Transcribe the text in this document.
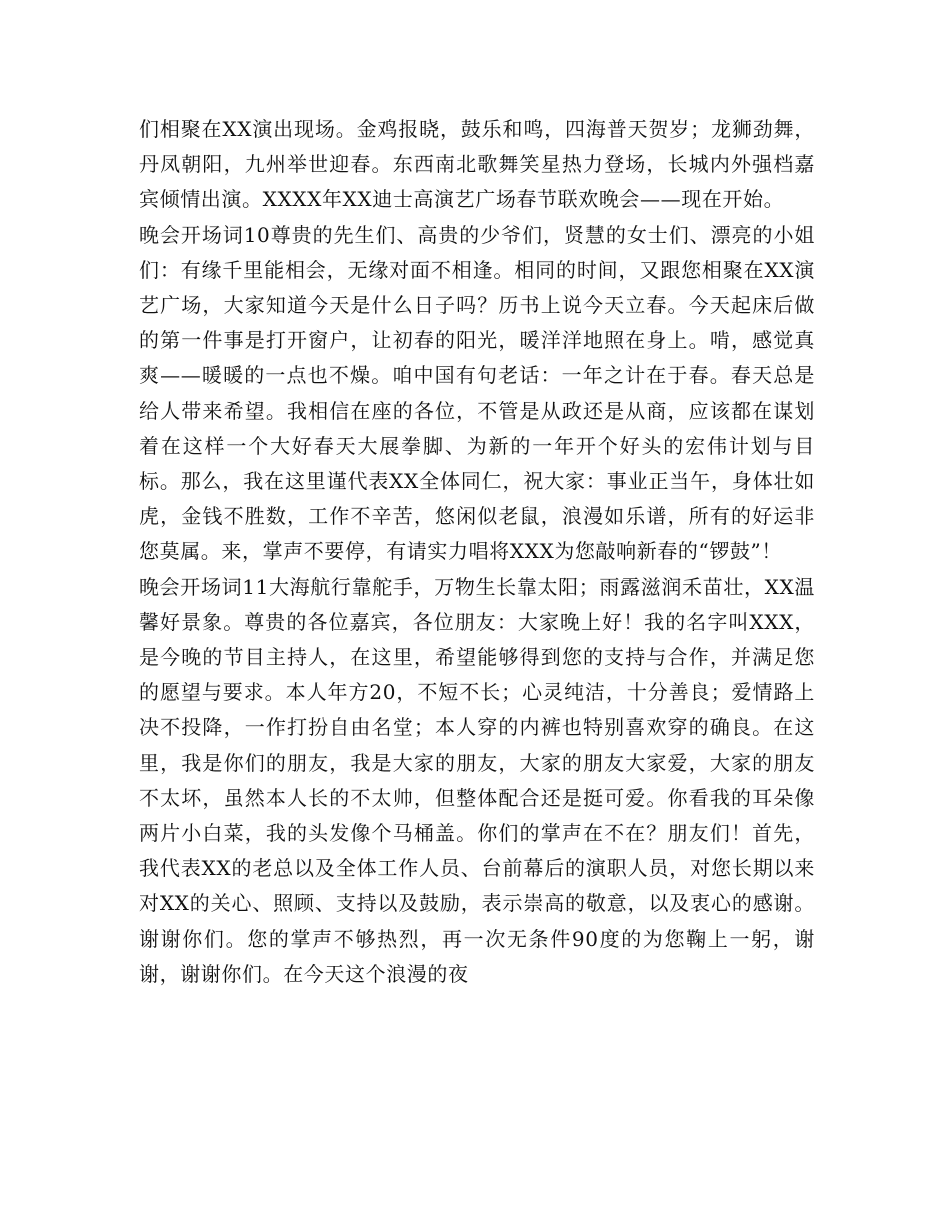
们相聚在XX演出现场。金鸡报晓，鼓乐和鸣，四海普天贺岁；龙狮劲舞，丹凤朝阳，九州举世迎春。东西南北歌舞笑星热力登场，长城内外强档嘉宾倾情出演。XXXX年XX迪士高演艺广场春节联欢晚会——现在开始。

晚会开场词10尊贵的先生们、高贵的少爷们，贤慧的女士们、漂亮的小姐们：有缘千里能相会，无缘对面不相逢。相同的时间，又跟您相聚在XX演艺广场，大家知道今天是什么日子吗？历书上说今天立春。今天起床后做的第一件事是打开窗户，让初春的阳光，暖洋洋地照在身上。啃，感觉真爽——暖暖的一点也不燥。咱中国有句老话：一年之计在于春。春天总是给人带来希望。我相信在座的各位，不管是从政还是从商，应该都在谋划着在这样一个大好春天大展拳脚、为新的一年开个好头的宏伟计划与目标。那么，我在这里谨代表XX全体同仁，祝大家：事业正当午，身体壮如虎，金钱不胜数，工作不辛苦，悠闲似老鼠，浪漫如乐谱，所有的好运非您莫属。来，掌声不要停，有请实力唱将XXX为您敲响新春的“锣鼓”！

晚会开场词11大海航行靠舵手，万物生长靠太阳；雨露滋润禾苗壮，XX温馨好景象。尊贵的各位嘉宾，各位朋友：大家晚上好！我的名字叫XXX，是今晚的节目主持人，在这里，希望能够得到您的支持与合作，并满足您的愿望与要求。本人年方20，不短不长；心灵纯洁，十分善良；爱情路上决不投降，一作打扮自由名堂；本人穿的内裤也特别喜欢穿的确良。在这里，我是你们的朋友，我是大家的朋友，大家的朋友大家爱，大家的朋友不太坏，虽然本人长的不太帅，但整体配合还是挺可爱。你看我的耳朵像两片小白菜，我的头发像个马桶盖。你们的掌声在不在？朋友们！首先，我代表XX的老总以及全体工作人员、台前幕后的演职人员，对您长期以来对XX的关心、照顾、支持以及鼓励，表示崇高的敬意，以及衷心的感谢。谢谢你们。您的掌声不够热烈，再一次无条件90度的为您鞠上一躬，谢谢，谢谢你们。在今天这个浪漫的夜
